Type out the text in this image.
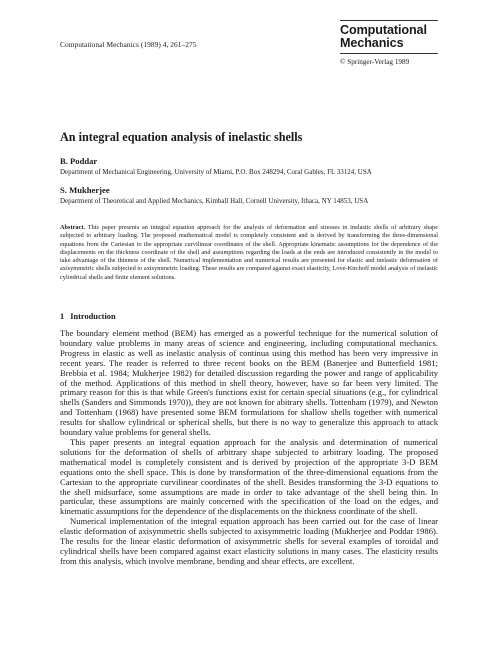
Computational Mechanics (1989) 4, 261–275
Computational
Mechanics
© Springer-Verlag 1989
An integral equation analysis of inelastic shells
B. Poddar
Department of Mechanical Engineering, University of Miami, P.O. Box 248294, Coral Gables, FL 33124, USA
S. Mukherjee
Department of Theoretical and Applied Mechanics, Kimball Hall, Cornell University, Ithaca, NY 14853, USA
Abstract. This paper presents an integral equation approach for the analysis of deformation and stresses in inelastic shells of arbitrary shape subjected to arbitrary loading. The proposed mathematical model is completely consistent and is derived by transforming the three-dimensional equations from the Cartesian to the appropriate curvilinear coordinates of the shell. Appropriate kinematic assumptions for the dependence of the displacements on the thickness coordinate of the shell and assumptions regarding the loads at the ends are introduced consistently in the model to take advantage of the thinness of the shell. Numerical implementation and numerical results are presented for elastic and inelastic deformation of axisymmetric shells subjected to axisymmetric loading. These results are compared against exact elasticity, Love-Kirchoff model analysis of inelastic cylindrical shells and finite element solutions.
1 Introduction

The boundary element method (BEM) has emerged as a powerful technique for the numerical solution of boundary value problems in many areas of science and engineering, including computational mechanics. Progress in elastic as well as inelastic analysis of continua using this method has been very impressive in recent years. The reader is referred to three recent books on the BEM (Banerjee and Butterfield 1981; Brebbia et al. 1984; Mukherjee 1982) for detailed discussion regarding the power and range of applicability of the method. Applications of this method in shell theory, however, have so far been very limited. The primary reason for this is that while Green's functions exist for certain special situations (e.g., for cylindrical shells (Sanders and Simmonds 1970)), they are not known for abitrary shells. Tottenham (1979), and Newton and Tottenham (1968) have presented some BEM formulations for shallow shells together with numerical results for shallow cylindrical or spherical shells, but there is no way to generalize this approach to attack boundary value problems for general shells.

This paper presents an integral equation approach for the analysis and determination of numerical solutions for the deformation of shells of arbitrary shape subjected to arbitrary loading. The proposed mathematical model is completely consistent and is derived by projection of the appropriate 3-D BEM equations onto the shell space. This is done by transformation of the three-dimensional equations from the Cartesian to the appropriate curvilinear coordinates of the shell. Besides transforming the 3-D equations to the shell midsurface, some assumptions are made in order to take advantage of the shell being thin. In particular, these assumptions are mainly concerned with the specification of the load on the edges, and kinematic assumptions for the dependence of the displacements on the thickness coordinate of the shell.

Numerical implementation of the integral equation approach has been carried out for the case of linear elastic deformation of axisymmetric shells subjected to axisymmetric loading (Mukherjee and Poddar 1986). The results for the linear elastic deformation of axisymmetric shells for several examples of toroidal and cylindrical shells have been compared against exact elasticity solutions in many cases. The elasticity results from this analysis, which involve membrane, bending and shear effects, are excellent.
